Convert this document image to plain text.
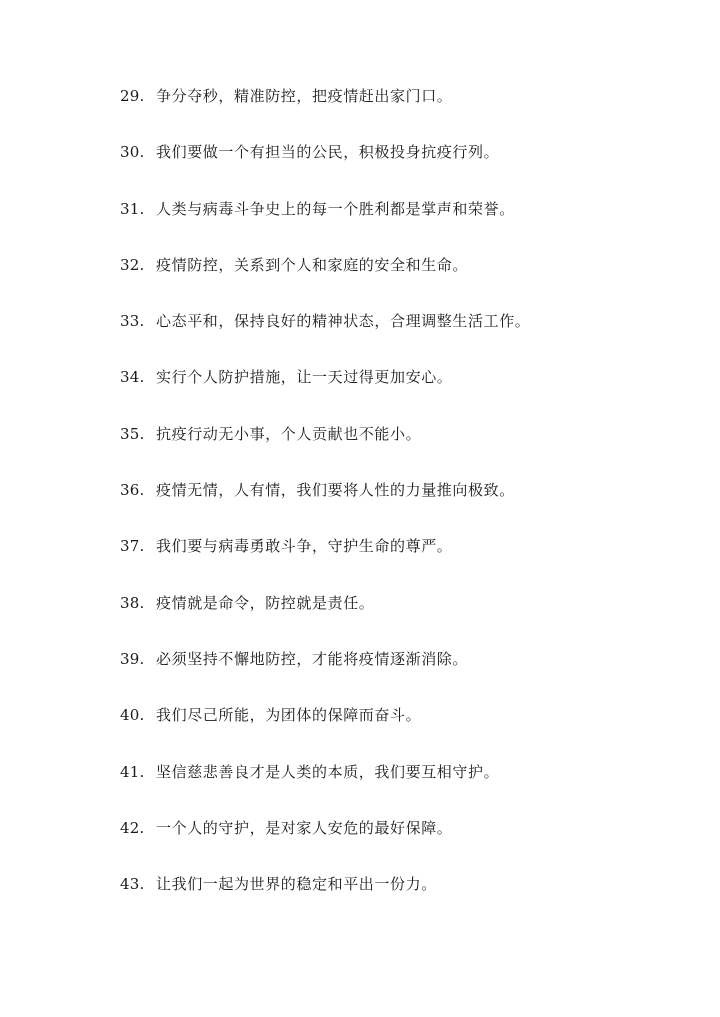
29. 争分夺秒，精准防控，把疫情赶出家门口。
30. 我们要做一个有担当的公民，积极投身抗疫行列。
31. 人类与病毒斗争史上的每一个胜利都是掌声和荣誉。
32. 疫情防控，关系到个人和家庭的安全和生命。
33. 心态平和，保持良好的精神状态，合理调整生活工作。
34. 实行个人防护措施，让一天过得更加安心。
35. 抗疫行动无小事，个人贡献也不能小。
36. 疫情无情，人有情，我们要将人性的力量推向极致。
37. 我们要与病毒勇敢斗争，守护生命的尊严。
38. 疫情就是命令，防控就是责任。
39. 必须坚持不懈地防控，才能将疫情逐渐消除。
40. 我们尽己所能，为团体的保障而奋斗。
41. 坚信慈悲善良才是人类的本质，我们要互相守护。
42. 一个人的守护，是对家人安危的最好保障。
43. 让我们一起为世界的稳定和平出一份力。
